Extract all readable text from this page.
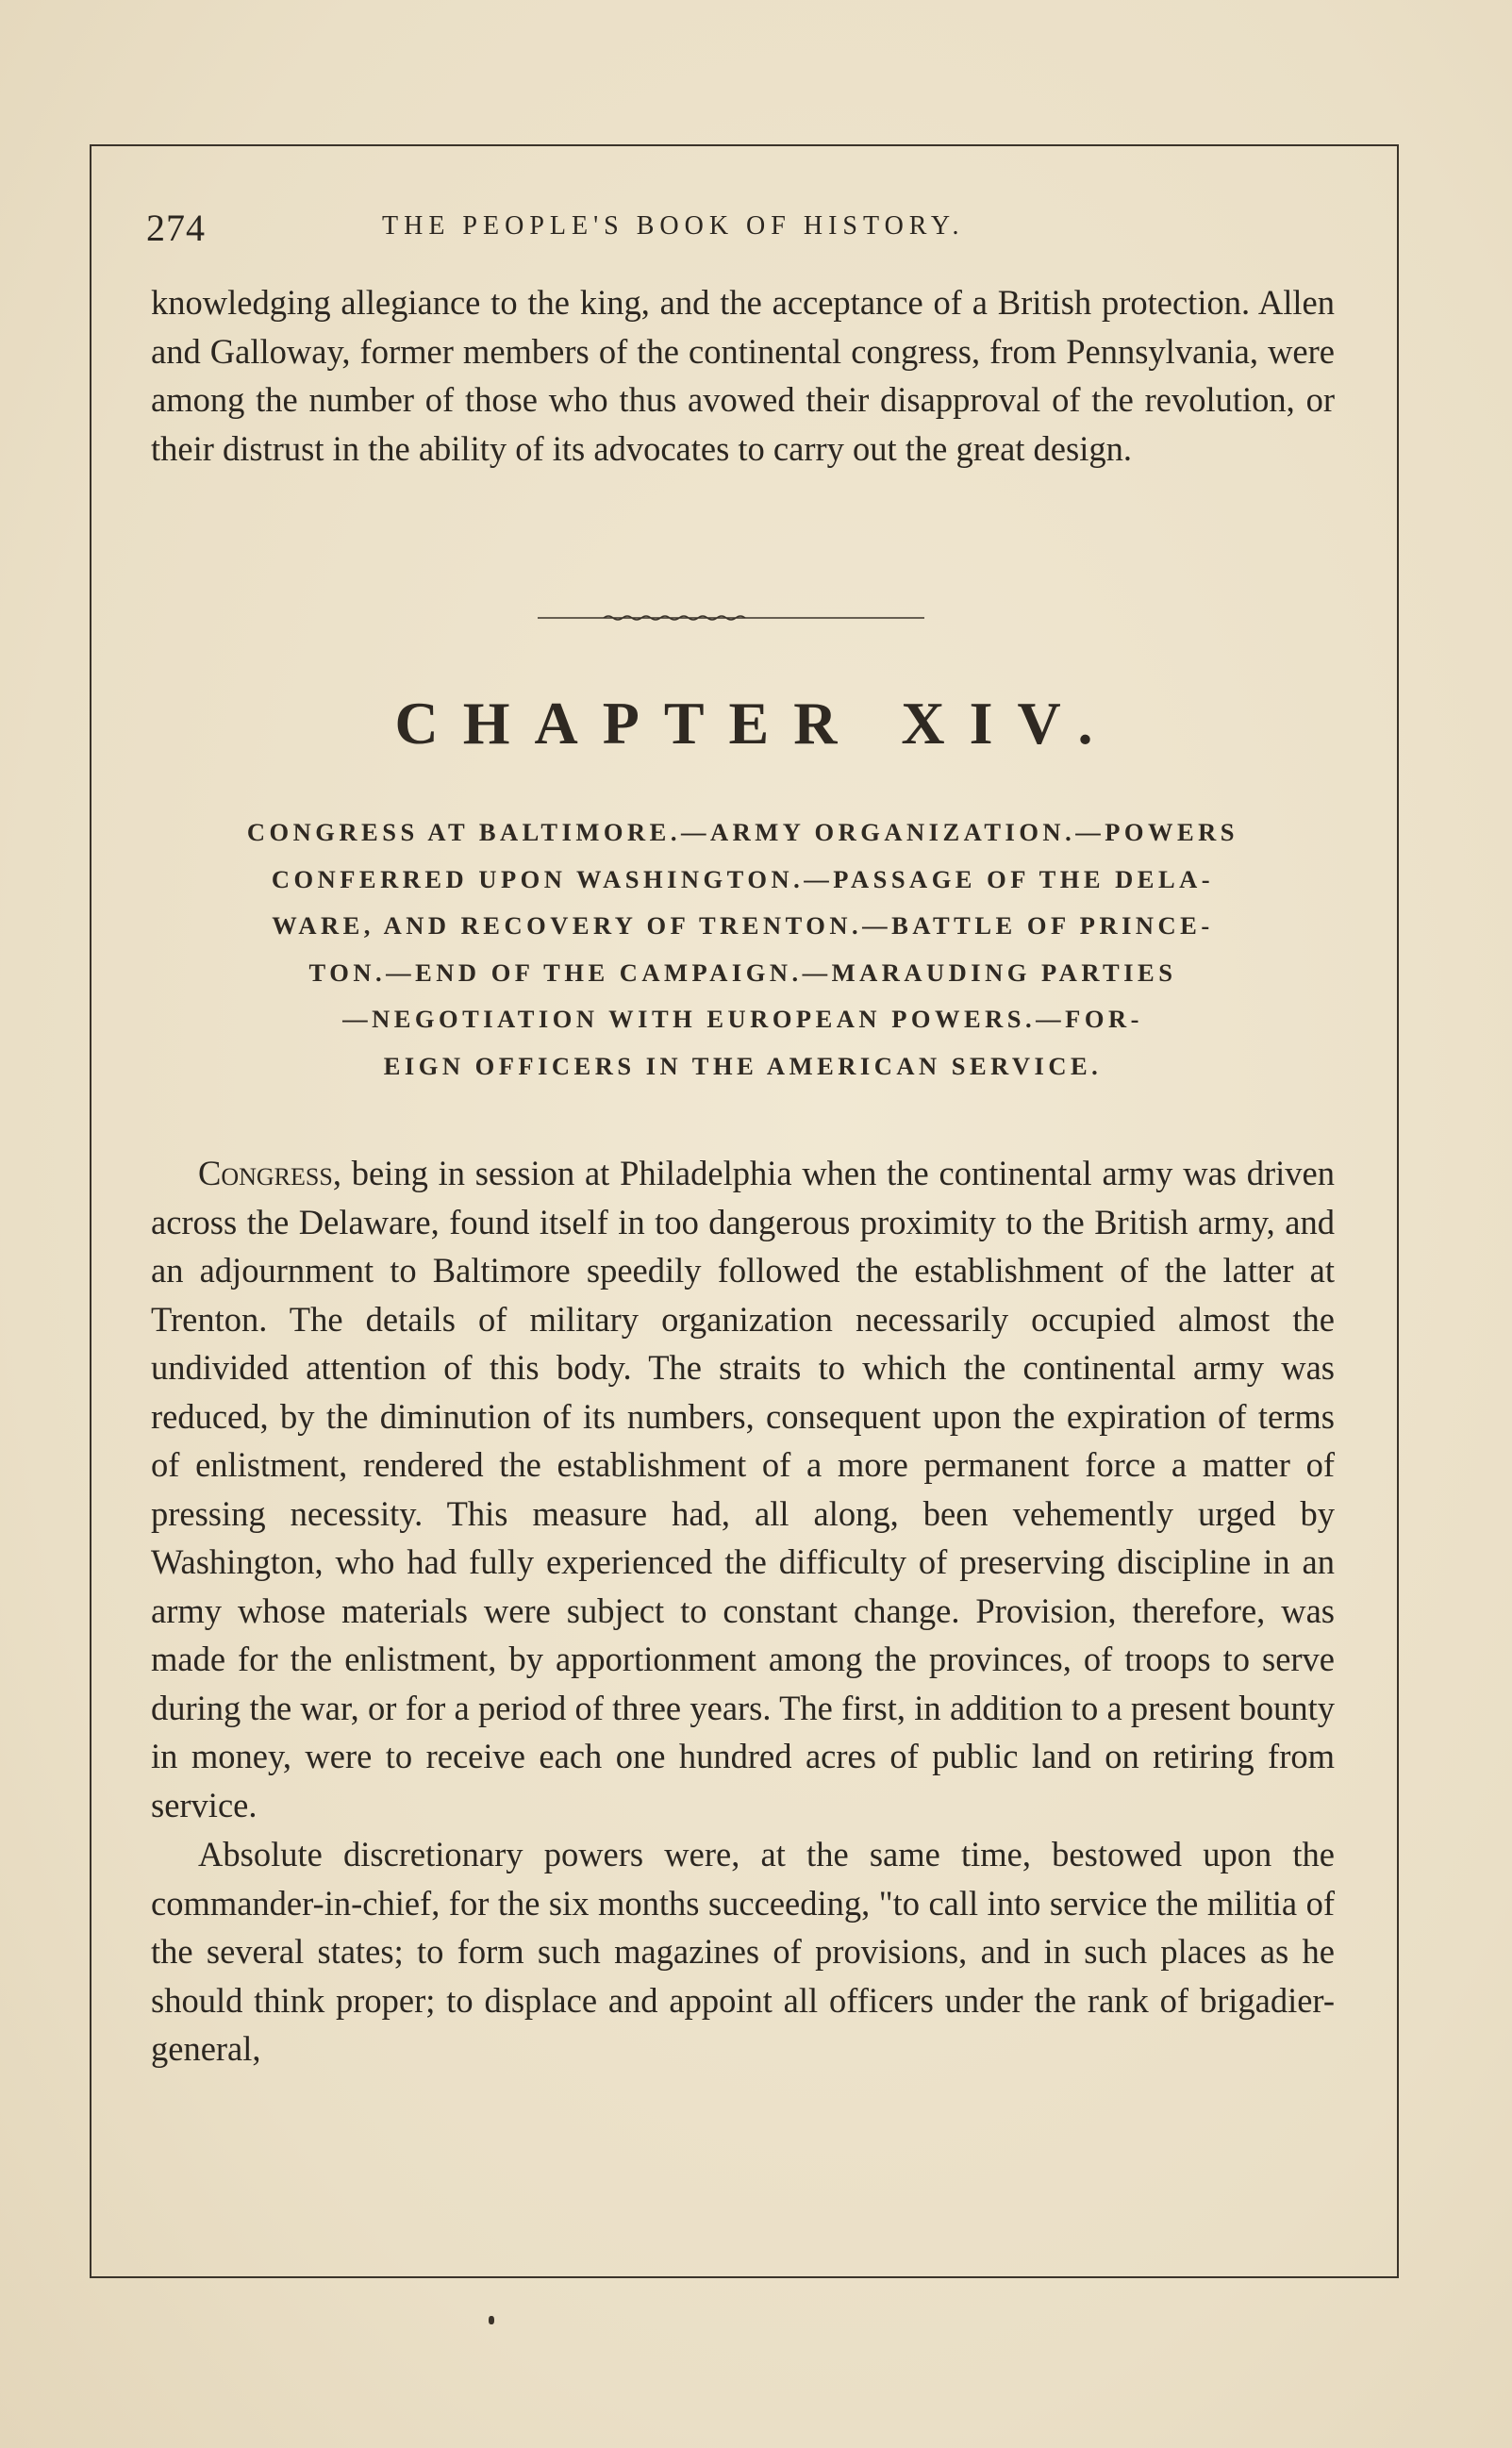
274	THE PEOPLE'S BOOK OF HISTORY.

knowledging allegiance to the king, and the acceptance of a British protection. Allen and Galloway, former members of the continental congress, from Pennsylvania, were among the number of those who thus avowed their disapproval of the revolution, or their distrust in the ability of its advocates to carry out the great design.

CHAPTER XIV.
CONGRESS AT BALTIMORE.—ARMY ORGANIZATION.—POWERS
CONFERRED UPON WASHINGTON.—PASSAGE OF THE DELA-
WARE, AND RECOVERY OF TRENTON.—BATTLE OF PRINCE-
TON.—END OF THE CAMPAIGN.—MARAUDING PARTIES
—NEGOTIATION WITH EUROPEAN POWERS.—FOR-
EIGN OFFICERS IN THE AMERICAN SERVICE.

Congress, being in session at Philadelphia when the continental army was driven across the Delaware, found itself in too dangerous proximity to the British army, and an adjournment to Baltimore speedily followed the establishment of the latter at Trenton. The details of military organization necessarily occupied almost the undivided attention of this body. The straits to which the continental army was reduced, by the diminution of its numbers, consequent upon the expiration of terms of enlistment, rendered the establishment of a more permanent force a matter of pressing necessity. This measure had, all along, been vehemently urged by Washington, who had fully experienced the difficulty of preserving discipline in an army whose materials were subject to constant change. Provision, therefore, was made for the enlistment, by apportionment among the provinces, of troops to serve during the war, or for a period of three years. The first, in addition to a present bounty in money, were to receive each one hundred acres of public land on retiring from service.

Absolute discretionary powers were, at the same time, bestowed upon the commander-in-chief, for the six months succeeding, "to call into service the militia of the several states; to form such magazines of provisions, and in such places as he should think proper; to displace and appoint all officers under the rank of brigadier-general,
